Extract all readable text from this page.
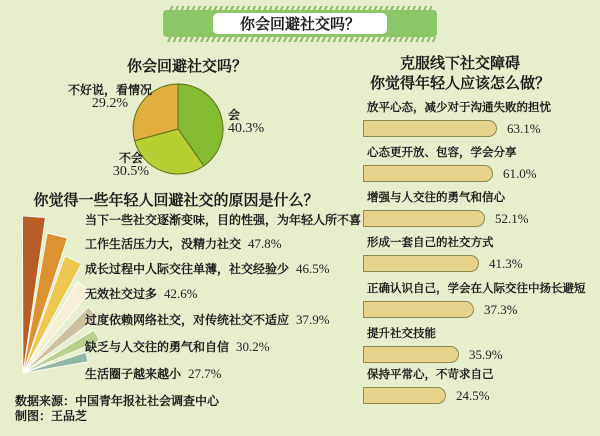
你会回避社交吗？
你会回避社交吗？
不好说，看情况
29.2%
会
40.3%
不会
30.5%
你觉得一些年轻人回避社交的原因是什么？
当下一些社交逐渐变味，目的性强，为年轻人所不喜
工作生活压力大，没精力社交 47.8%
成长过程中人际交往单薄，社交经验少 46.5%
无效社交过多 42.6%
过度依赖网络社交，对传统社交不适应 37.9%
缺乏与人交往的勇气和自信 30.2%
生活圈子越来越小 27.7%
克服线下社交障碍
你觉得年轻人应该怎么做？
放平心态，减少对于沟通失败的担忧
63.1%
心态更开放、包容，学会分享
61.0%
增强与人交往的勇气和信心
52.1%
形成一套自己的社交方式
41.3%
正确认识自己，学会在人际交往中扬长避短
37.3%
提升社交技能
35.9%
保持平常心，不苛求自己
24.5%
数据来源：中国青年报社社会调查中心
制图：王品芝
